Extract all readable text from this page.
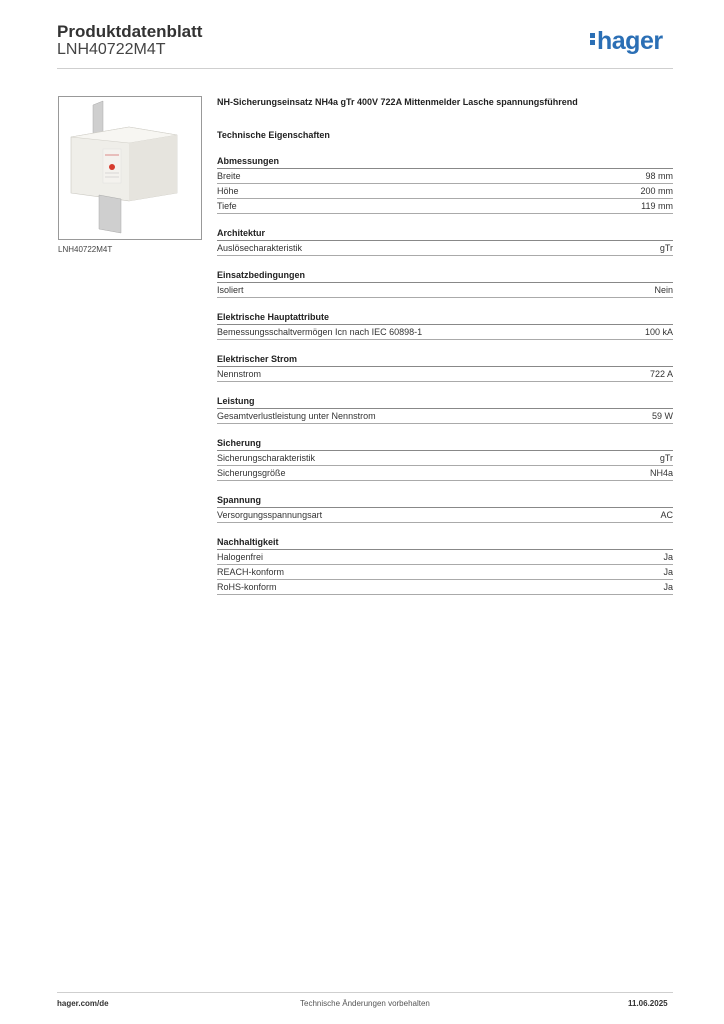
Produktdatenblatt
LNH40722M4T	hager
LNH40722M4T
NH-Sicherungseinsatz NH4a gTr 400V 722A Mittenmelder Lasche spannungsführend
Technische Eigenschaften
Abmessungen
Breite	98 mm
Höhe	200 mm
Tiefe	119 mm
Architektur
Auslösecharakteristik	gTr
Einsatzbedingungen
Isoliert	Nein
Elektrische Hauptattribute
Bemessungsschaltvermögen Icn nach IEC 60898-1	100 kA
Elektrischer Strom
Nennstrom	722 A
Leistung
Gesamtverlustleistung unter Nennstrom	59 W
Sicherung
Sicherungscharakteristik	gTr
Sicherungsgröße	NH4a
Spannung
Versorgungsspannungsart	AC
Nachhaltigkeit
Halogenfrei	Ja
REACH-konform	Ja
RoHS-konform	Ja
hager.com/de	Technische Änderungen vorbehalten	11.06.2025
